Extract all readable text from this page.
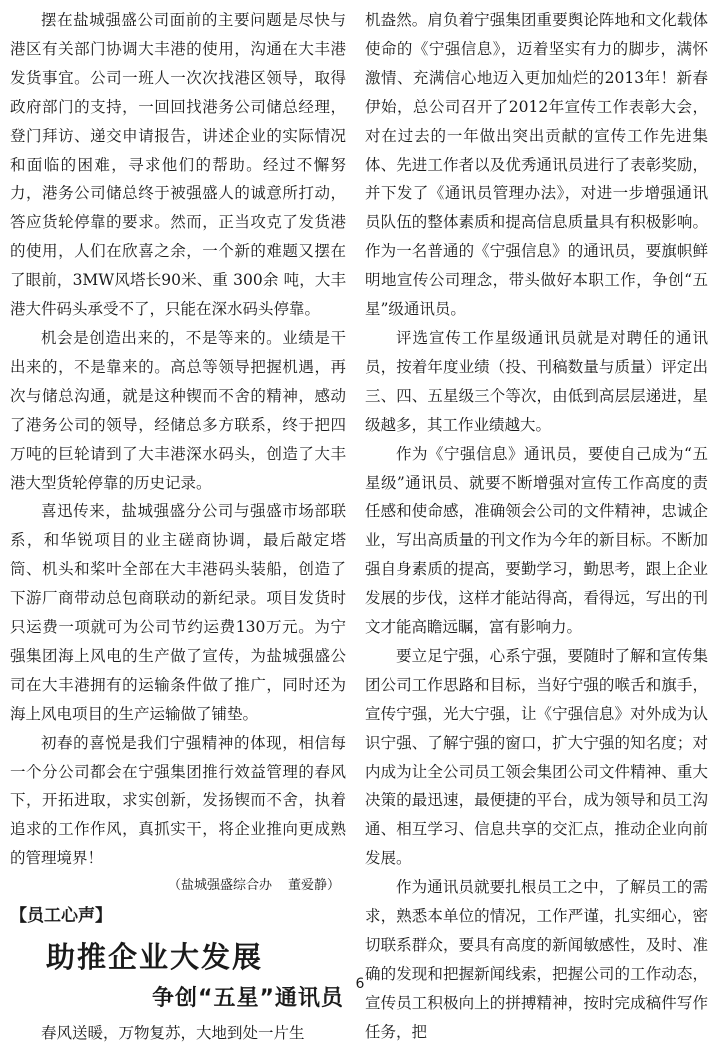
摆在盐城强盛公司面前的主要问题是尽快与港区有关部门协调大丰港的使用，沟通在大丰港发货事宜。公司一班人一次次找港区领导，取得政府部门的支持，一回回找港务公司储总经理，登门拜访、递交申请报告，讲述企业的实际情况和面临的困难，寻求他们的帮助。经过不懈努力，港务公司储总终于被强盛人的诚意所打动，答应货轮停靠的要求。然而，正当攻克了发货港的使用，人们在欣喜之余，一个新的难题又摆在了眼前，3MW风塔长90米、重 300余 吨，大丰港大件码头承受不了，只能在深水码头停靠。

机会是创造出来的，不是等来的。业绩是干出来的，不是靠来的。高总等领导把握机遇，再次与储总沟通，就是这种锲而不舍的精神，感动了港务公司的领导，经储总多方联系，终于把四万吨的巨轮请到了大丰港深水码头，创造了大丰港大型货轮停靠的历史记录。

喜迅传来，盐城强盛分公司与强盛市场部联系，和华锐项目的业主磋商协调，最后敲定塔筒、机头和桨叶全部在大丰港码头装船，创造了下游厂商带动总包商联动的新纪录。项目发货时只运费一项就可为公司节约运费130万元。为宁强集团海上风电的生产做了宣传，为盐城强盛公司在大丰港拥有的运输条件做了推广，同时还为海上风电项目的生产运输做了铺垫。

初春的喜悦是我们宁强精神的体现，相信每一个分公司都会在宁强集团推行效益管理的春风下，开拓进取，求实创新，发扬锲而不舍，执着追求的工作作风，真抓实干，将企业推向更成熟的管理境界！

（盐城强盛综合办 董爱静）
【员工心声】
助推企业大发展
争创“五星”通讯员

春风送暖，万物复苏，大地到处一片生

机盎然。肩负着宁强集团重要舆论阵地和文化载体使命的《宁强信息》，迈着坚实有力的脚步，满怀激情、充满信心地迈入更加灿烂的2013年！新春伊始，总公司召开了2012年宣传工作表彰大会，对在过去的一年做出突出贡献的宣传工作先进集体、先进工作者以及优秀通讯员进行了表彰奖励，并下发了《通讯员管理办法》，对进一步增强通讯员队伍的整体素质和提高信息质量具有积极影响。作为一名普通的《宁强信息》的通讯员，要旗帜鲜明地宣传公司理念，带头做好本职工作，争创“五星”级通讯员。

评选宣传工作星级通讯员就是对聘任的通讯员，按着年度业绩（投、刊稿数量与质量）评定出三、四、五星级三个等次，由低到高层层递进，星级越多，其工作业绩越大。

作为《宁强信息》通讯员，要使自己成为“五星级”通讯员、就要不断增强对宣传工作高度的责任感和使命感，准确领会公司的文件精神，忠诚企业，写出高质量的刊文作为今年的新目标。不断加强自身素质的提高，要勤学习，勤思考，跟上企业发展的步伐，这样才能站得高，看得远，写出的刊文才能高瞻远瞩，富有影响力。

要立足宁强，心系宁强，要随时了解和宣传集团公司工作思路和目标，当好宁强的喉舌和旗手，宣传宁强，光大宁强，让《宁强信息》对外成为认识宁强、了解宁强的窗口，扩大宁强的知名度；对内成为让全公司员工领会集团公司文件精神、重大决策的最迅速，最便捷的平台，成为领导和员工沟通、相互学习、信息共享的交汇点，推动企业向前发展。

作为通讯员就要扎根员工之中，了解员工的需求，熟悉本单位的情况，工作严谨，扎实细心，密切联系群众，要具有高度的新闻敏感性，及时、准确的发现和把握新闻线索，把握公司的工作动态，宣传员工积极向上的拼搏精神，按时完成稿件写作任务，把

6
